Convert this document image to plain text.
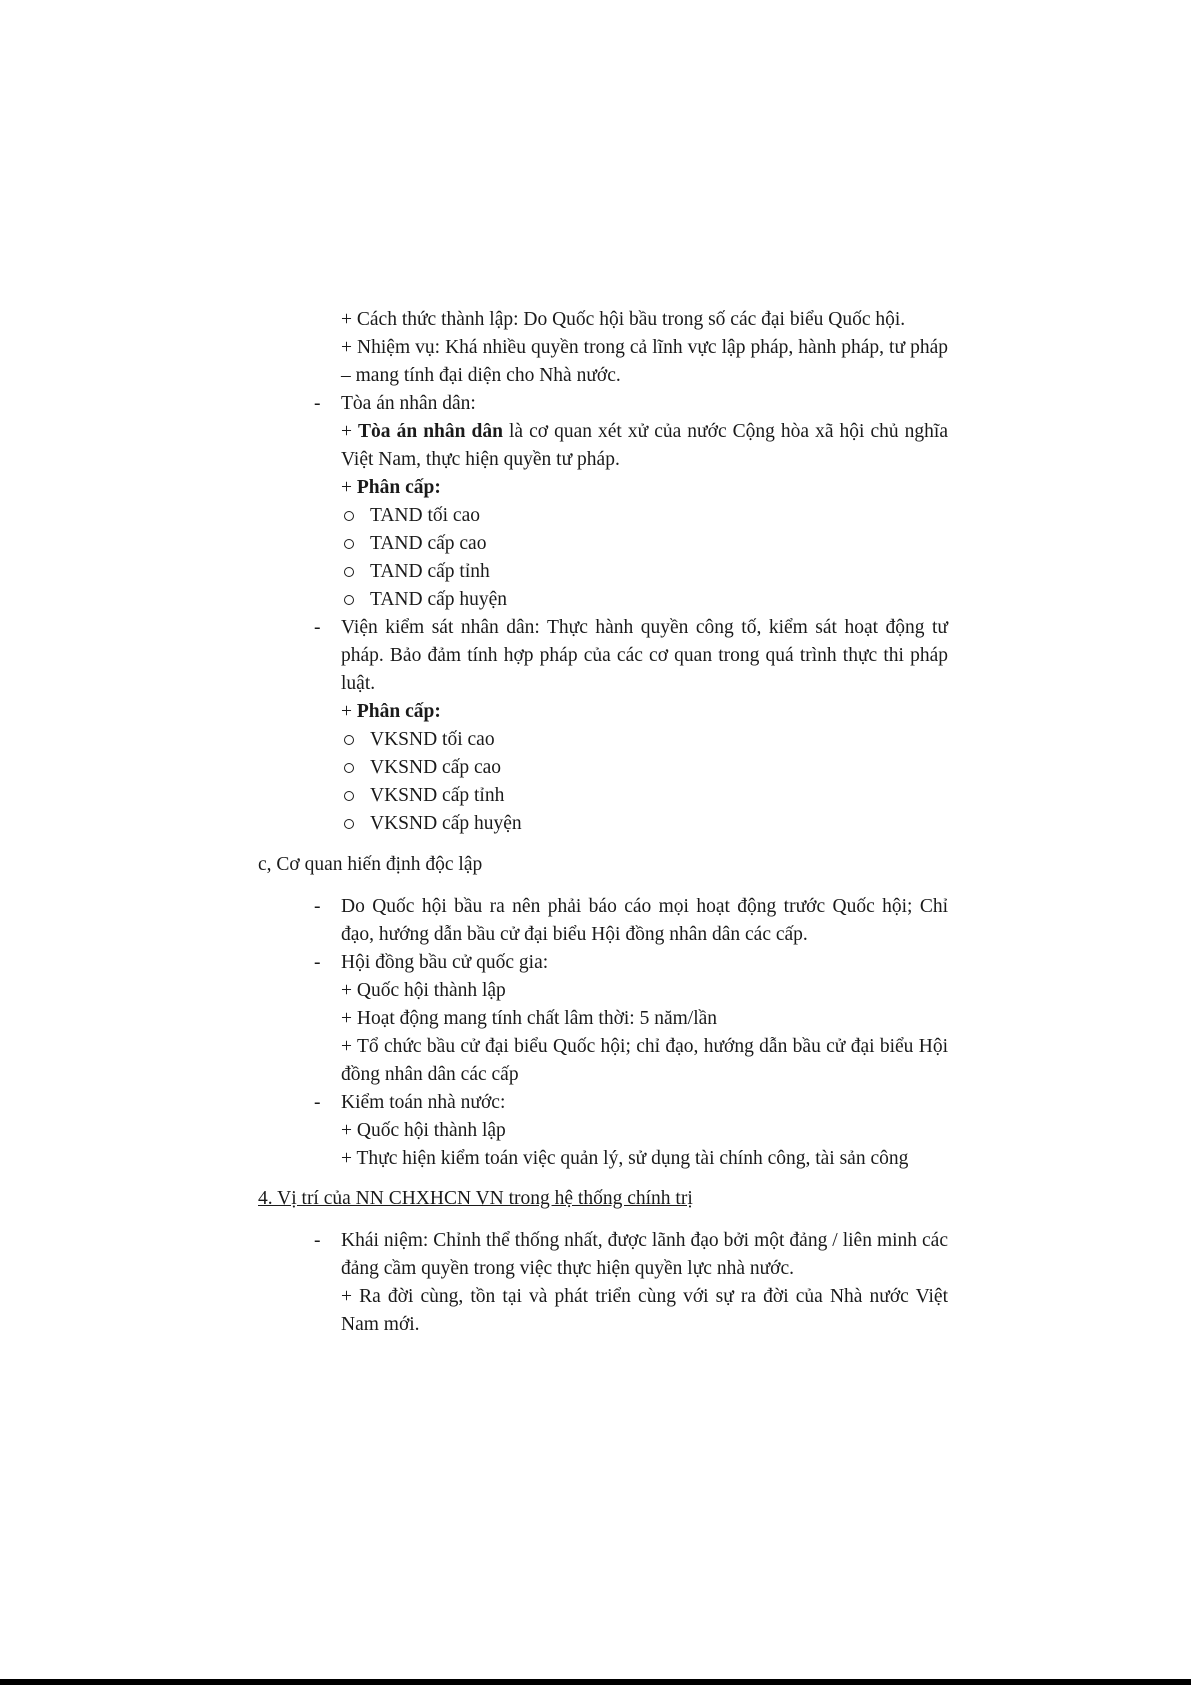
+ Cách thức thành lập: Do Quốc hội bầu trong số các đại biểu Quốc hội.

+ Nhiệm vụ: Khá nhiều quyền trong cả lĩnh vực lập pháp, hành pháp, tư pháp – mang tính đại diện cho Nhà nước.

- Tòa án nhân dân:

+ Tòa án nhân dân là cơ quan xét xử của nước Cộng hòa xã hội chủ nghĩa Việt Nam, thực hiện quyền tư pháp.

+ Phân cấp:

TAND tối cao

TAND cấp cao

TAND cấp tỉnh

TAND cấp huyện

- Viện kiểm sát nhân dân: Thực hành quyền công tố, kiểm sát hoạt động tư pháp. Bảo đảm tính hợp pháp của các cơ quan trong quá trình thực thi pháp luật.

+ Phân cấp:

VKSND tối cao

VKSND cấp cao

VKSND cấp tỉnh

VKSND cấp huyện

c, Cơ quan hiến định độc lập

- Do Quốc hội bầu ra nên phải báo cáo mọi hoạt động trước Quốc hội; Chỉ đạo, hướng dẫn bầu cử đại biểu Hội đồng nhân dân các cấp.

- Hội đồng bầu cử quốc gia:

+ Quốc hội thành lập

+ Hoạt động mang tính chất lâm thời: 5 năm/lần

+ Tổ chức bầu cử đại biểu Quốc hội; chỉ đạo, hướng dẫn bầu cử đại biểu Hội đồng nhân dân các cấp

- Kiểm toán nhà nước:

+ Quốc hội thành lập

+ Thực hiện kiểm toán việc quản lý, sử dụng tài chính công, tài sản công

4. Vị trí của NN CHXHCN VN trong hệ thống chính trị

- Khái niệm: Chỉnh thể thống nhất, được lãnh đạo bởi một đảng / liên minh các đảng cầm quyền trong việc thực hiện quyền lực nhà nước.

+ Ra đời cùng, tồn tại và phát triển cùng với sự ra đời của Nhà nước Việt Nam mới.
